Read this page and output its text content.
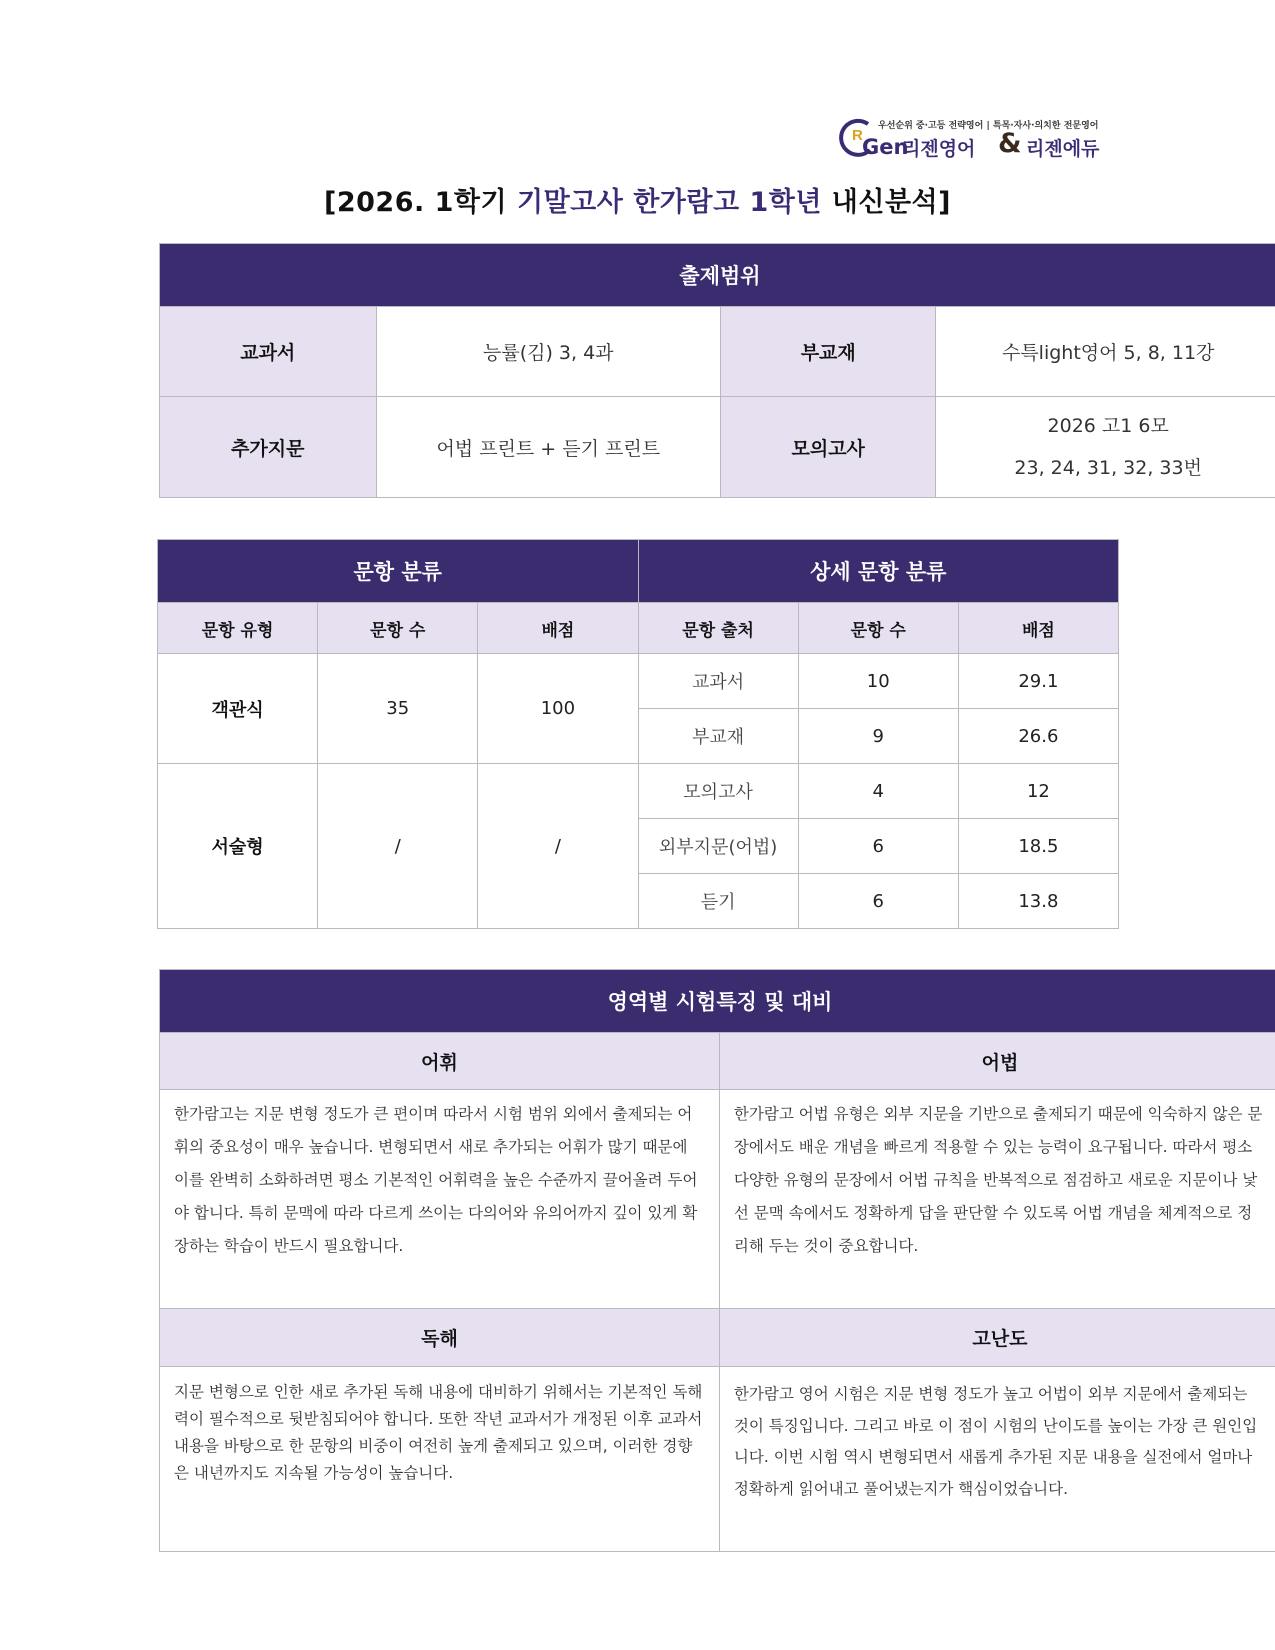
R
우선순위 중·고등 전략영어 | 특목·자사·의치한 전문영어
Gen
리젠영어 & 리젠에듀
[2026. 1학기 기말고사 한가람고 1학년 내신분석]
출제범위			
교과서	능률(김) 3, 4과	부교재	수특light영어 5, 8, 11강
추가지문	어법 프린트 + 듣기 프린트	모의고사	2026 고1 6모
23, 24, 31, 32, 33번
문항 분류			상세 문항 분류		
문항 유형	문항 수	배점	문항 출처	문항 수	배점
객관식	35	100	교과서	10	29.1
			부교재	9	26.6
서술형	/	/	모의고사	4	12
			외부지문(어법)	6	18.5
			듣기	6	13.8
영역별 시험특징 및 대비	
어휘	어법
한가람고는 지문 변형 정도가 큰 편이며 따라서 시험 범위 외에서 출제되는 어휘의 중요성이 매우 높습니다. 변형되면서 새로 추가되는 어휘가 많기 때문에 이를 완벽히 소화하려면 평소 기본적인 어휘력을 높은 수준까지 끌어올려 두어야 합니다. 특히 문맥에 따라 다르게 쓰이는 다의어와 유의어까지 깊이 있게 확장하는 학습이 반드시 필요합니다.	한가람고 어법 유형은 외부 지문을 기반으로 출제되기 때문에 익숙하지 않은 문장에서도 배운 개념을 빠르게 적용할 수 있는 능력이 요구됩니다. 따라서 평소 다양한 유형의 문장에서 어법 규칙을 반복적으로 점검하고 새로운 지문이나 낯선 문맥 속에서도 정확하게 답을 판단할 수 있도록 어법 개념을 체계적으로 정리해 두는 것이 중요합니다.
독해	고난도
지문 변형으로 인한 새로 추가된 독해 내용에 대비하기 위해서는 기본적인 독해력이 필수적으로 뒷받침되어야 합니다. 또한 작년 교과서가 개정된 이후 교과서 내용을 바탕으로 한 문항의 비중이 여전히 높게 출제되고 있으며, 이러한 경향은 내년까지도 지속될 가능성이 높습니다.	한가람고 영어 시험은 지문 변형 정도가 높고 어법이 외부 지문에서 출제되는 것이 특징입니다. 그리고 바로 이 점이 시험의 난이도를 높이는 가장 큰 원인입니다. 이번 시험 역시 변형되면서 새롭게 추가된 지문 내용을 실전에서 얼마나 정확하게 읽어내고 풀어냈는지가 핵심이었습니다.
